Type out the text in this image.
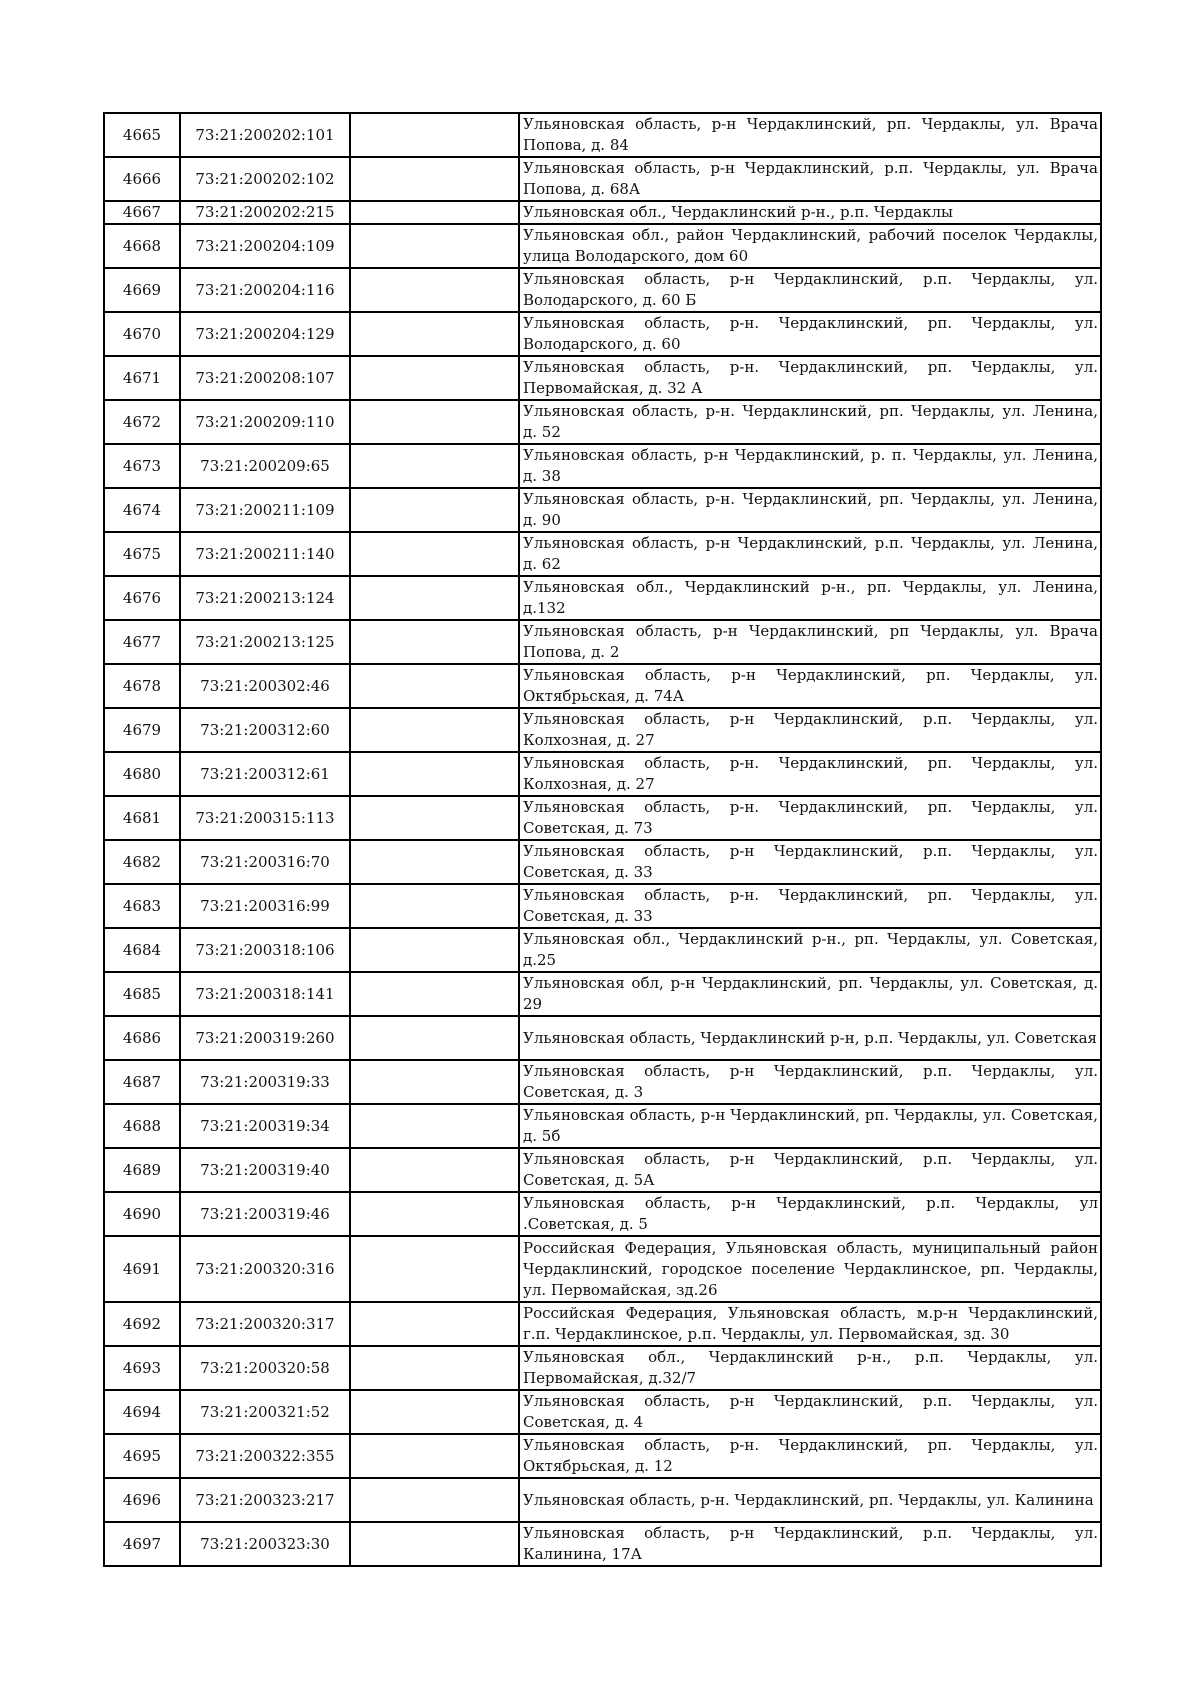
4665	73:21:200202:101		Ульяновская область, р-н Чердаклинский, рп. Чердаклы, ул. Врача Попова, д. 84
4666	73:21:200202:102		Ульяновская область, р-н Чердаклинский, р.п. Чердаклы, ул. Врача Попова, д. 68А
4667	73:21:200202:215		Ульяновская обл., Чердаклинский р-н., р.п. Чердаклы
4668	73:21:200204:109		Ульяновская обл., район Чердаклинский, рабочий поселок Чердаклы, улица Володарского, дом 60
4669	73:21:200204:116		Ульяновская область, р-н Чердаклинский, р.п. Чердаклы, ул. Володарского, д. 60 Б
4670	73:21:200204:129		Ульяновская область, р-н. Чердаклинский, рп. Чердаклы, ул. Володарского, д. 60
4671	73:21:200208:107		Ульяновская область, р-н. Чердаклинский, рп. Чердаклы, ул. Первомайская, д. 32 А
4672	73:21:200209:110		Ульяновская область, р-н. Чердаклинский, рп. Чердаклы, ул. Ленина, д. 52
4673	73:21:200209:65		Ульяновская область, р-н Чердаклинский, р. п. Чердаклы, ул. Ленина, д. 38
4674	73:21:200211:109		Ульяновская область, р-н. Чердаклинский, рп. Чердаклы, ул. Ленина, д. 90
4675	73:21:200211:140		Ульяновская область, р-н Чердаклинский, р.п. Чердаклы, ул. Ленина, д. 62
4676	73:21:200213:124		Ульяновская обл., Чердаклинский р-н., рп. Чердаклы, ул. Ленина, д.132
4677	73:21:200213:125		Ульяновская область, р-н Чердаклинский, рп Чердаклы, ул. Врача Попова, д. 2
4678	73:21:200302:46		Ульяновская область, р-н Чердаклинский, рп. Чердаклы, ул. Октябрьская, д. 74А
4679	73:21:200312:60		Ульяновская область, р-н Чердаклинский, р.п. Чердаклы, ул. Колхозная, д. 27
4680	73:21:200312:61		Ульяновская область, р-н. Чердаклинский, рп. Чердаклы, ул. Колхозная, д. 27
4681	73:21:200315:113		Ульяновская область, р-н. Чердаклинский, рп. Чердаклы, ул. Советская, д. 73
4682	73:21:200316:70		Ульяновская область, р-н Чердаклинский, р.п. Чердаклы, ул. Советская, д. 33
4683	73:21:200316:99		Ульяновская область, р-н. Чердаклинский, рп. Чердаклы, ул. Советская, д. 33
4684	73:21:200318:106		Ульяновская обл., Чердаклинский р-н., рп. Чердаклы, ул. Советская, д.25
4685	73:21:200318:141		Ульяновская обл, р-н Чердаклинский, рп. Чердаклы, ул. Советская, д. 29
4686	73:21:200319:260		Ульяновская область, Чердаклинский р-н, р.п. Чердаклы, ул. Советская
4687	73:21:200319:33		Ульяновская область, р-н Чердаклинский, р.п. Чердаклы, ул. Советская, д. 3
4688	73:21:200319:34		Ульяновская область, р-н Чердаклинский, рп. Чердаклы, ул. Советская, д. 5б
4689	73:21:200319:40		Ульяновская область, р-н Чердаклинский, р.п. Чердаклы, ул. Советская, д. 5А
4690	73:21:200319:46		Ульяновская область, р-н Чердаклинский, р.п. Чердаклы, ул .Советская, д. 5
4691	73:21:200320:316		Российская Федерация, Ульяновская область, муниципальный район Чердаклинский, городское поселение Чердаклинское, рп. Чердаклы, ул. Первомайская, зд.26
4692	73:21:200320:317		Российская Федерация, Ульяновская область, м.р-н Чердаклинский, г.п. Чердаклинское, р.п. Чердаклы, ул. Первомайская, зд. 30
4693	73:21:200320:58		Ульяновская обл., Чердаклинский р-н., р.п. Чердаклы, ул. Первомайская, д.32/7
4694	73:21:200321:52		Ульяновская область, р-н Чердаклинский, р.п. Чердаклы, ул. Советская, д. 4
4695	73:21:200322:355		Ульяновская область, р-н. Чердаклинский, рп. Чердаклы, ул. Октябрьская, д. 12
4696	73:21:200323:217		Ульяновская область, р-н. Чердаклинский, рп. Чердаклы, ул. Калинина
4697	73:21:200323:30		Ульяновская область, р-н Чердаклинский, р.п. Чердаклы, ул. Калинина, 17А
